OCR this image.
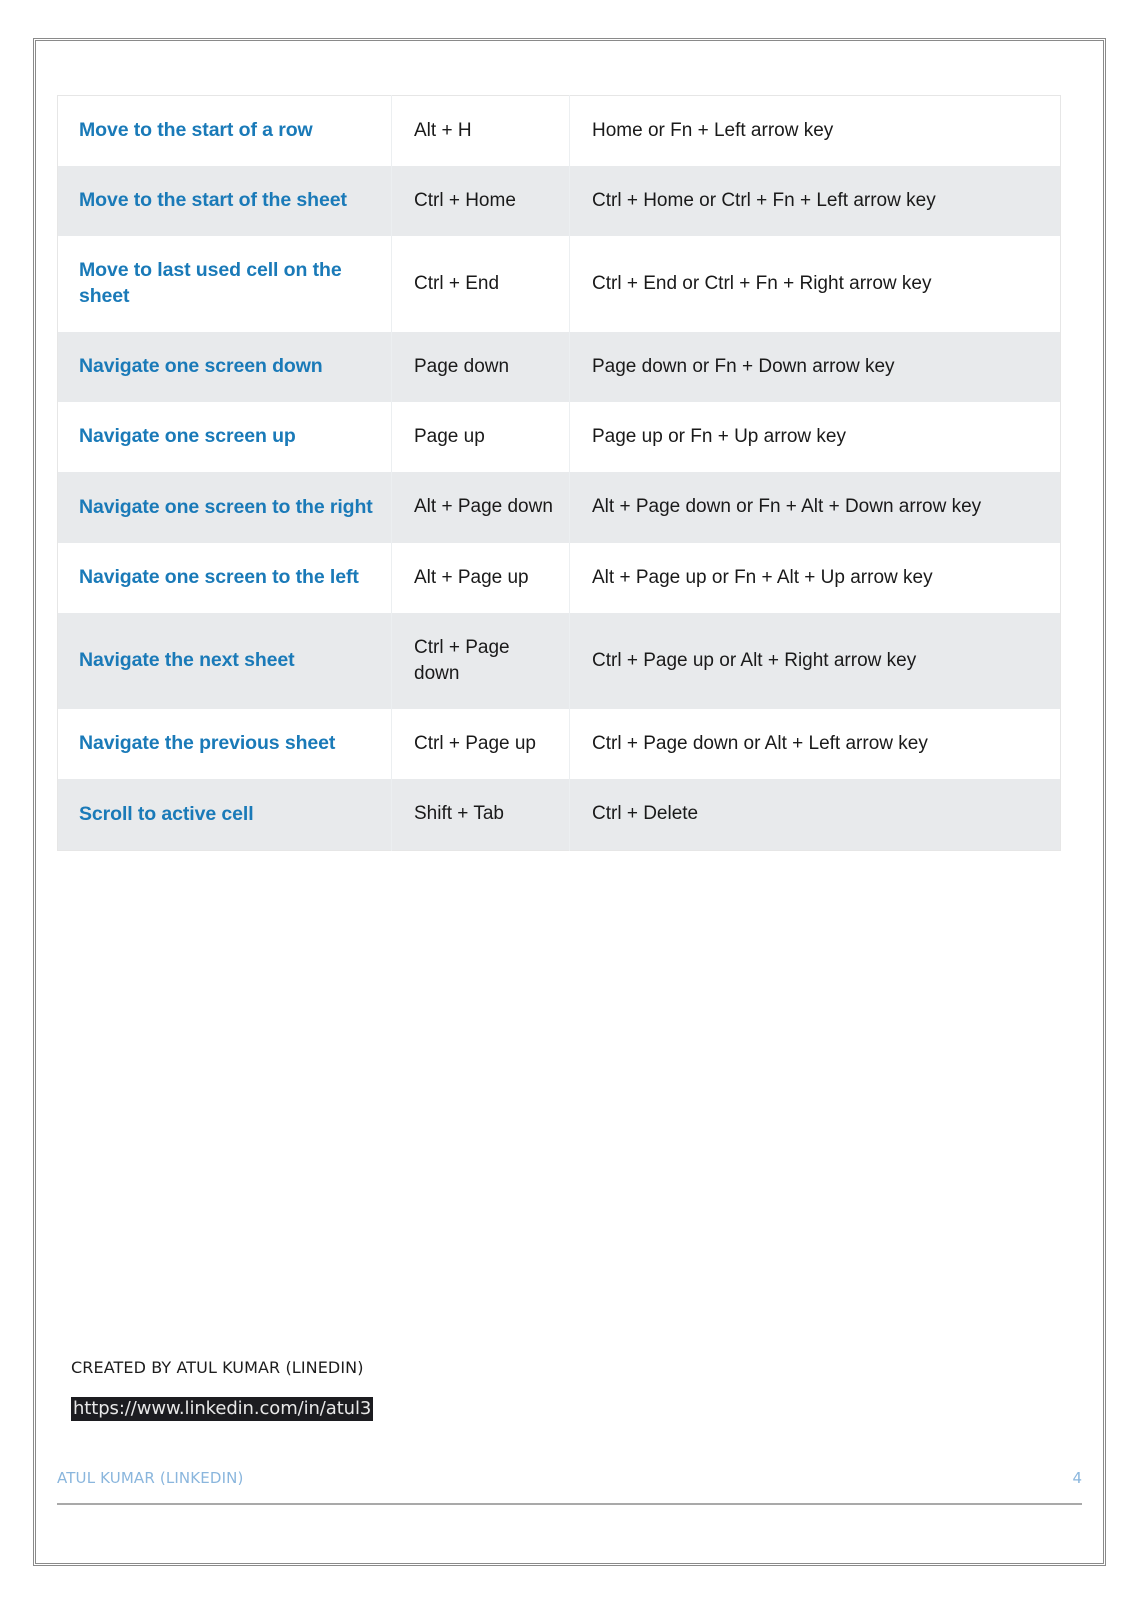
Move to the start of a row	Alt + H	Home or Fn + Left arrow key
Move to the start of the sheet	Ctrl + Home	Ctrl + Home or Ctrl + Fn + Left arrow key
Move to last used cell on the sheet	Ctrl + End	Ctrl + End or Ctrl + Fn + Right arrow key
Navigate one screen down	Page down	Page down or Fn + Down arrow key
Navigate one screen up	Page up	Page up or Fn + Up arrow key
Navigate one screen to the right	Alt + Page down	Alt + Page down or Fn + Alt + Down arrow key
Navigate one screen to the left	Alt + Page up	Alt + Page up or Fn + Alt + Up arrow key
Navigate the next sheet	Ctrl + Page down	Ctrl + Page up or Alt + Right arrow key
Navigate the previous sheet	Ctrl + Page up	Ctrl + Page down or Alt + Left arrow key
Scroll to active cell	Shift + Tab	Ctrl + Delete
CREATED BY ATUL KUMAR (LINEDIN)
https://www.linkedin.com/in/atul3
ATUL KUMAR (LINKEDIN)	4
